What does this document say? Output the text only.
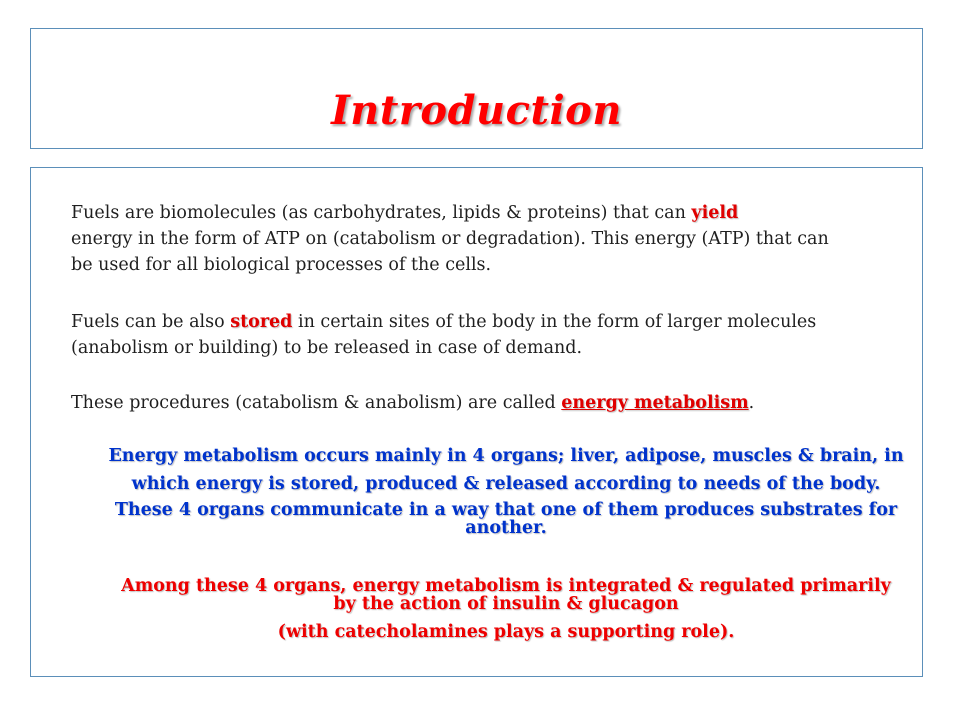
Introduction
Fuels are biomolecules (as carbohydrates, lipids & proteins) that can yield
energy in the form of ATP on (catabolism or degradation). This energy (ATP) that can
be used for all biological processes of the cells.
Fuels can be also stored in certain sites of the body in the form of larger molecules
(anabolism or building) to be released in case of demand.
These procedures (catabolism & anabolism) are called energy metabolism.
Energy metabolism occurs mainly in 4 organs; liver, adipose, muscles & brain, in
which energy is stored, produced & released according to needs of the body.
These 4 organs communicate in a way that one of them produces substrates for
another.
Among these 4 organs, energy metabolism is integrated & regulated primarily
by the action of insulin & glucagon
(with catecholamines plays a supporting role).
